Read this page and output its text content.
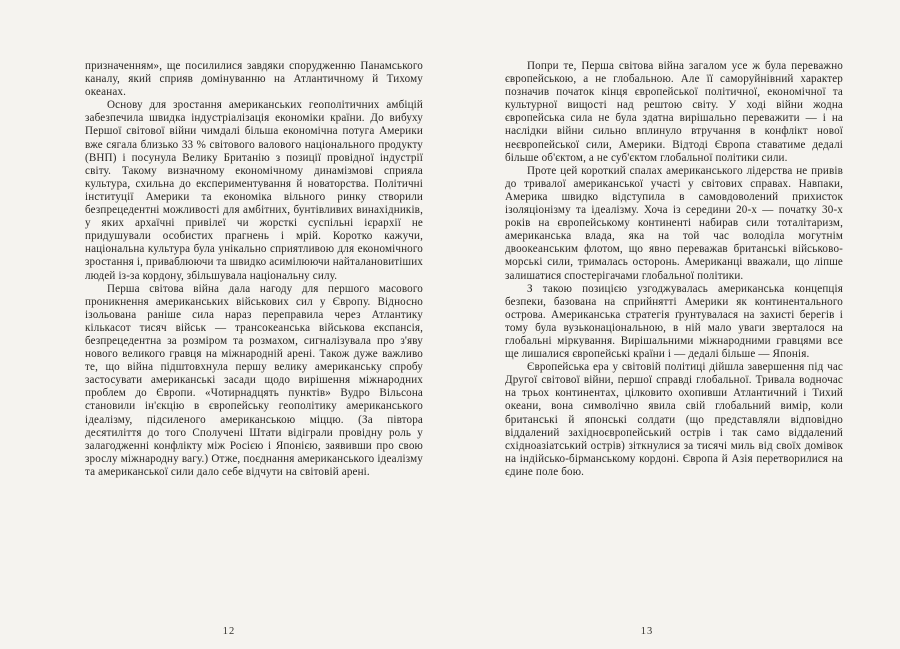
призначенням», ще посилилися завдяки спорудженню Панамського каналу, який сприяв домінуванню на Атлантичному й Тихому океанах.

Основу для зростання американських геополітичних амбіцій забезпечила швидка індустріалізація економіки країни. До вибуху Першої світової війни чимдалі більша економічна потуга Америки вже сягала близько 33 % світового валового національного продукту (ВНП) і посунула Велику Британію з позиції провідної індустрії світу. Такому визначному економічному динамізмові сприяла культура, схильна до експериментування й новаторства. Політичні інституції Америки та економіка вільного ринку створили безпрецедентні можливості для амбітних, бунтівливих винахідників, у яких архаїчні привілеї чи жорсткі суспільні ієрархії не придушували особистих прагнень і мрій. Коротко кажучи, національна культура була унікально сприятливою для економічного зростання і, приваблюючи та швидко асимілюючи найталановитіших людей із-за кордону, збільшувала національну силу.

Перша світова війна дала нагоду для першого масового проникнення американських військових сил у Європу. Відносно ізольована раніше сила нараз переправила через Атлантику кількасот тисяч військ — трансокеанська військова експансія, безпрецедентна за розміром та розмахом, сигналізувала про з'яву нового великого гравця на міжнародній арені. Також дуже важливо те, що війна підштовхнула першу велику американську спробу застосувати американські засади щодо вирішення міжнародних проблем до Європи. «Чотирнадцять пунктів» Вудро Вільсона становили ін'єкцію в європейську геополітику американського ідеалізму, підсиленого американською міццю. (За півтора десятиліття до того Сполучені Штати відіграли провідну роль у залагодженні конфлікту між Росією і Японією, заявивши про свою зрослу міжнародну вагу.) Отже, поєднання американського ідеалізму та американської сили дало себе відчути на світовій арені.

Попри те, Перша світова війна загалом усе ж була переважно європейською, а не глобальною. Але її саморуйнівний характер позначив початок кінця європейської політичної, економічної та культурної вищості над рештою світу. У ході війни жодна європейська сила не була здатна вирішально переважити — і на наслідки війни сильно вплинуло втручання в конфлікт нової неєвропейської сили, Америки. Відтоді Європа ставатиме дедалі більше об'єктом, а не суб'єктом глобальної політики сили.

Проте цей короткий спалах американського лідерства не привів до тривалої американської участі у світових справах. Навпаки, Америка швидко відступила в самовдоволений прихисток ізоляціонізму та ідеалізму. Хоча із середини 20-х — початку 30-х років на європейському континенті набирав сили тоталітаризм, американська влада, яка на той час володіла могутнім двоокеанським флотом, що явно переважав британські військово-морські сили, трималась осторонь. Американці вважали, що ліпше залишатися спостерігачами глобальної політики.

З такою позицією узгоджувалась американська концепція безпеки, базована на сприйнятті Америки як континентального острова. Американська стратегія ґрунтувалася на захисті берегів і тому була вузьконаціональною, в ній мало уваги зверталося на глобальні міркування. Вирішальними міжнародними гравцями все ще лишалися європейські країни і — дедалі більше — Японія.

Європейська ера у світовій політиці дійшла завершення під час Другої світової війни, першої справді глобальної. Тривала водночас на трьох континентах, цілковито охопивши Атлантичний і Тихий океани, вона символічно явила свій глобальний вимір, коли британські й японські солдати (що представляли відповідно віддалений західноєвропейський острів і так само віддалений східноазіатський острів) зіткнулися за тисячі миль від своїх домівок на індійсько-бірманському кордоні. Європа й Азія перетворилися на єдине поле бою.

12	13
